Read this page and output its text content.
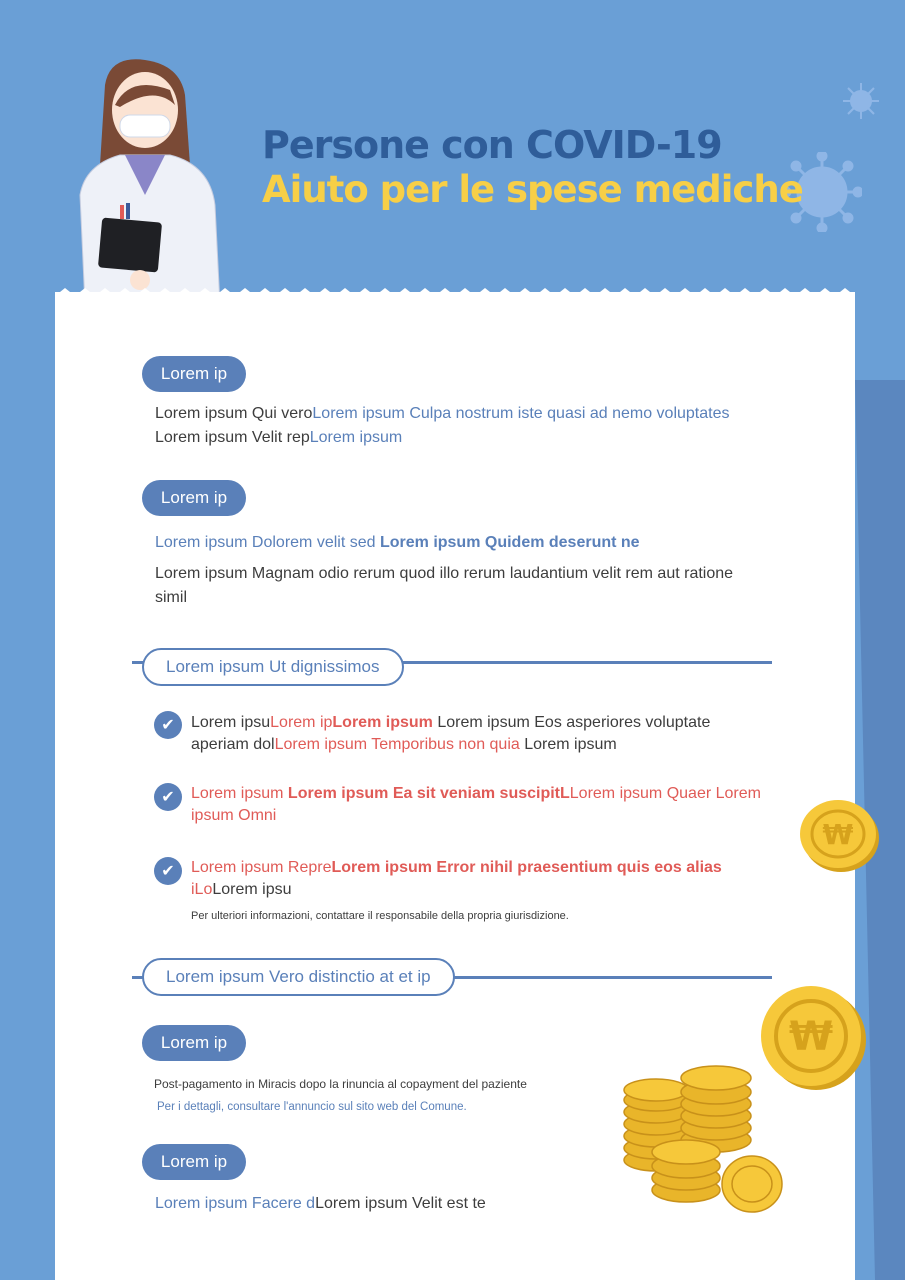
Persone con COVID-19
Aiuto per le spese mediche
Lorem ip
Lorem ipsum Qui veroLorem ipsum Culpa nostrum iste quasi ad nemo voluptates Lorem ipsum Velit repLorem ipsum
Lorem ip
Lorem ipsum Dolorem velit sed Lorem ipsum Quidem deserunt ne
Lorem ipsum Magnam odio rerum quod illo rerum laudantium velit rem aut ratione simil
Lorem ipsum Ut dignissimos
✔	Lorem ipsuLorem ipLorem ipsum Lorem ipsum Eos asperiores voluptate aperiam dolLorem ipsum Temporibus non quia Lorem ipsum
✔	Lorem ipsum Lorem ipsum Ea sit veniam suscipitLLorem ipsum Quaer Lorem ipsum Omni
✔	Lorem ipsum RepreLorem ipsum Error nihil praesentium quis eos alias iLoLorem ipsu
Per ulteriori informazioni, contattare il responsabile della propria giurisdizione.
Lorem ipsum Vero distinctio at et ip
Lorem ip
Post-pagamento in Miracis dopo la rinuncia al copayment del paziente
Per i dettagli, consultare l'annuncio sul sito web del Comune.
Lorem ip
Lorem ipsum Facere dLorem ipsum Velit est te
₩
₩
